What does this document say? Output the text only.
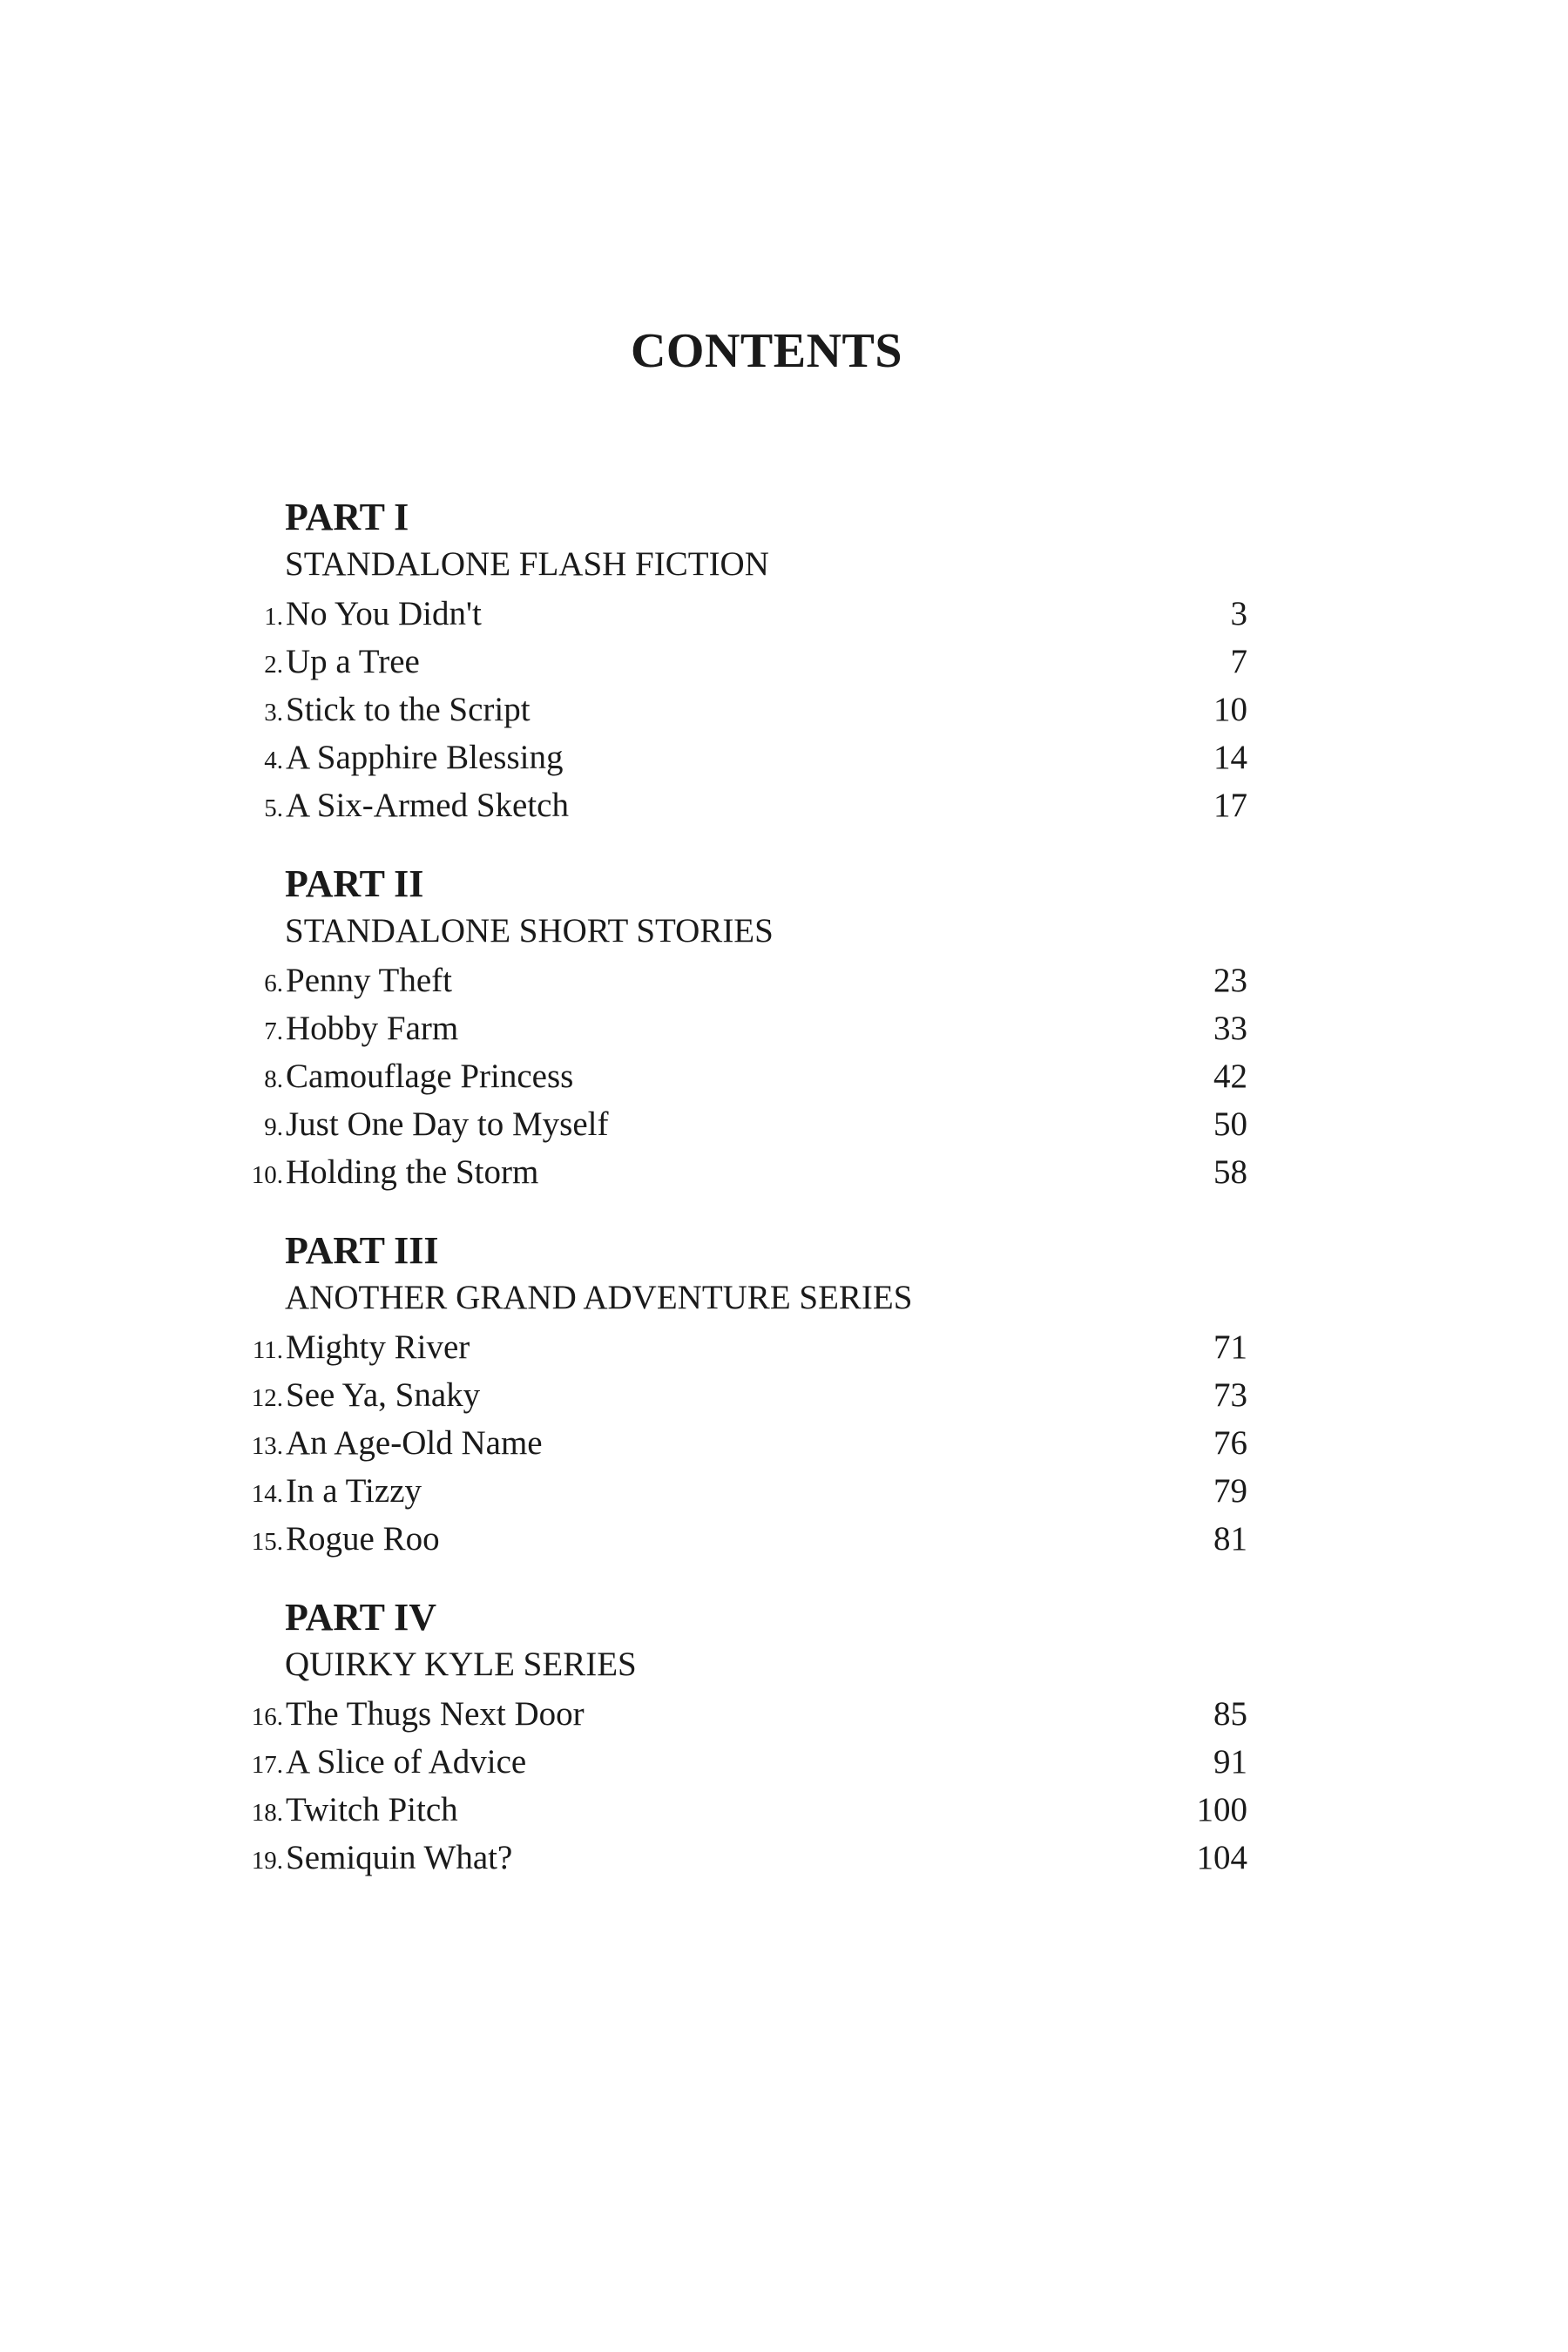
CONTENTS
PART I
STANDALONE FLASH FICTION
1.No You Didn't	3
2.Up a Tree	7
3.Stick to the Script	10
4.A Sapphire Blessing	14
5.A Six-Armed Sketch	17
PART II
STANDALONE SHORT STORIES
6.Penny Theft	23
7.Hobby Farm	33
8.Camouflage Princess	42
9.Just One Day to Myself	50
10.Holding the Storm	58
PART III
ANOTHER GRAND ADVENTURE SERIES
11.Mighty River	71
12.See Ya, Snaky	73
13.An Age-Old Name	76
14.In a Tizzy	79
15.Rogue Roo	81
PART IV
QUIRKY KYLE SERIES
16.The Thugs Next Door	85
17.A Slice of Advice	91
18.Twitch Pitch	100
19.Semiquin What?	104
